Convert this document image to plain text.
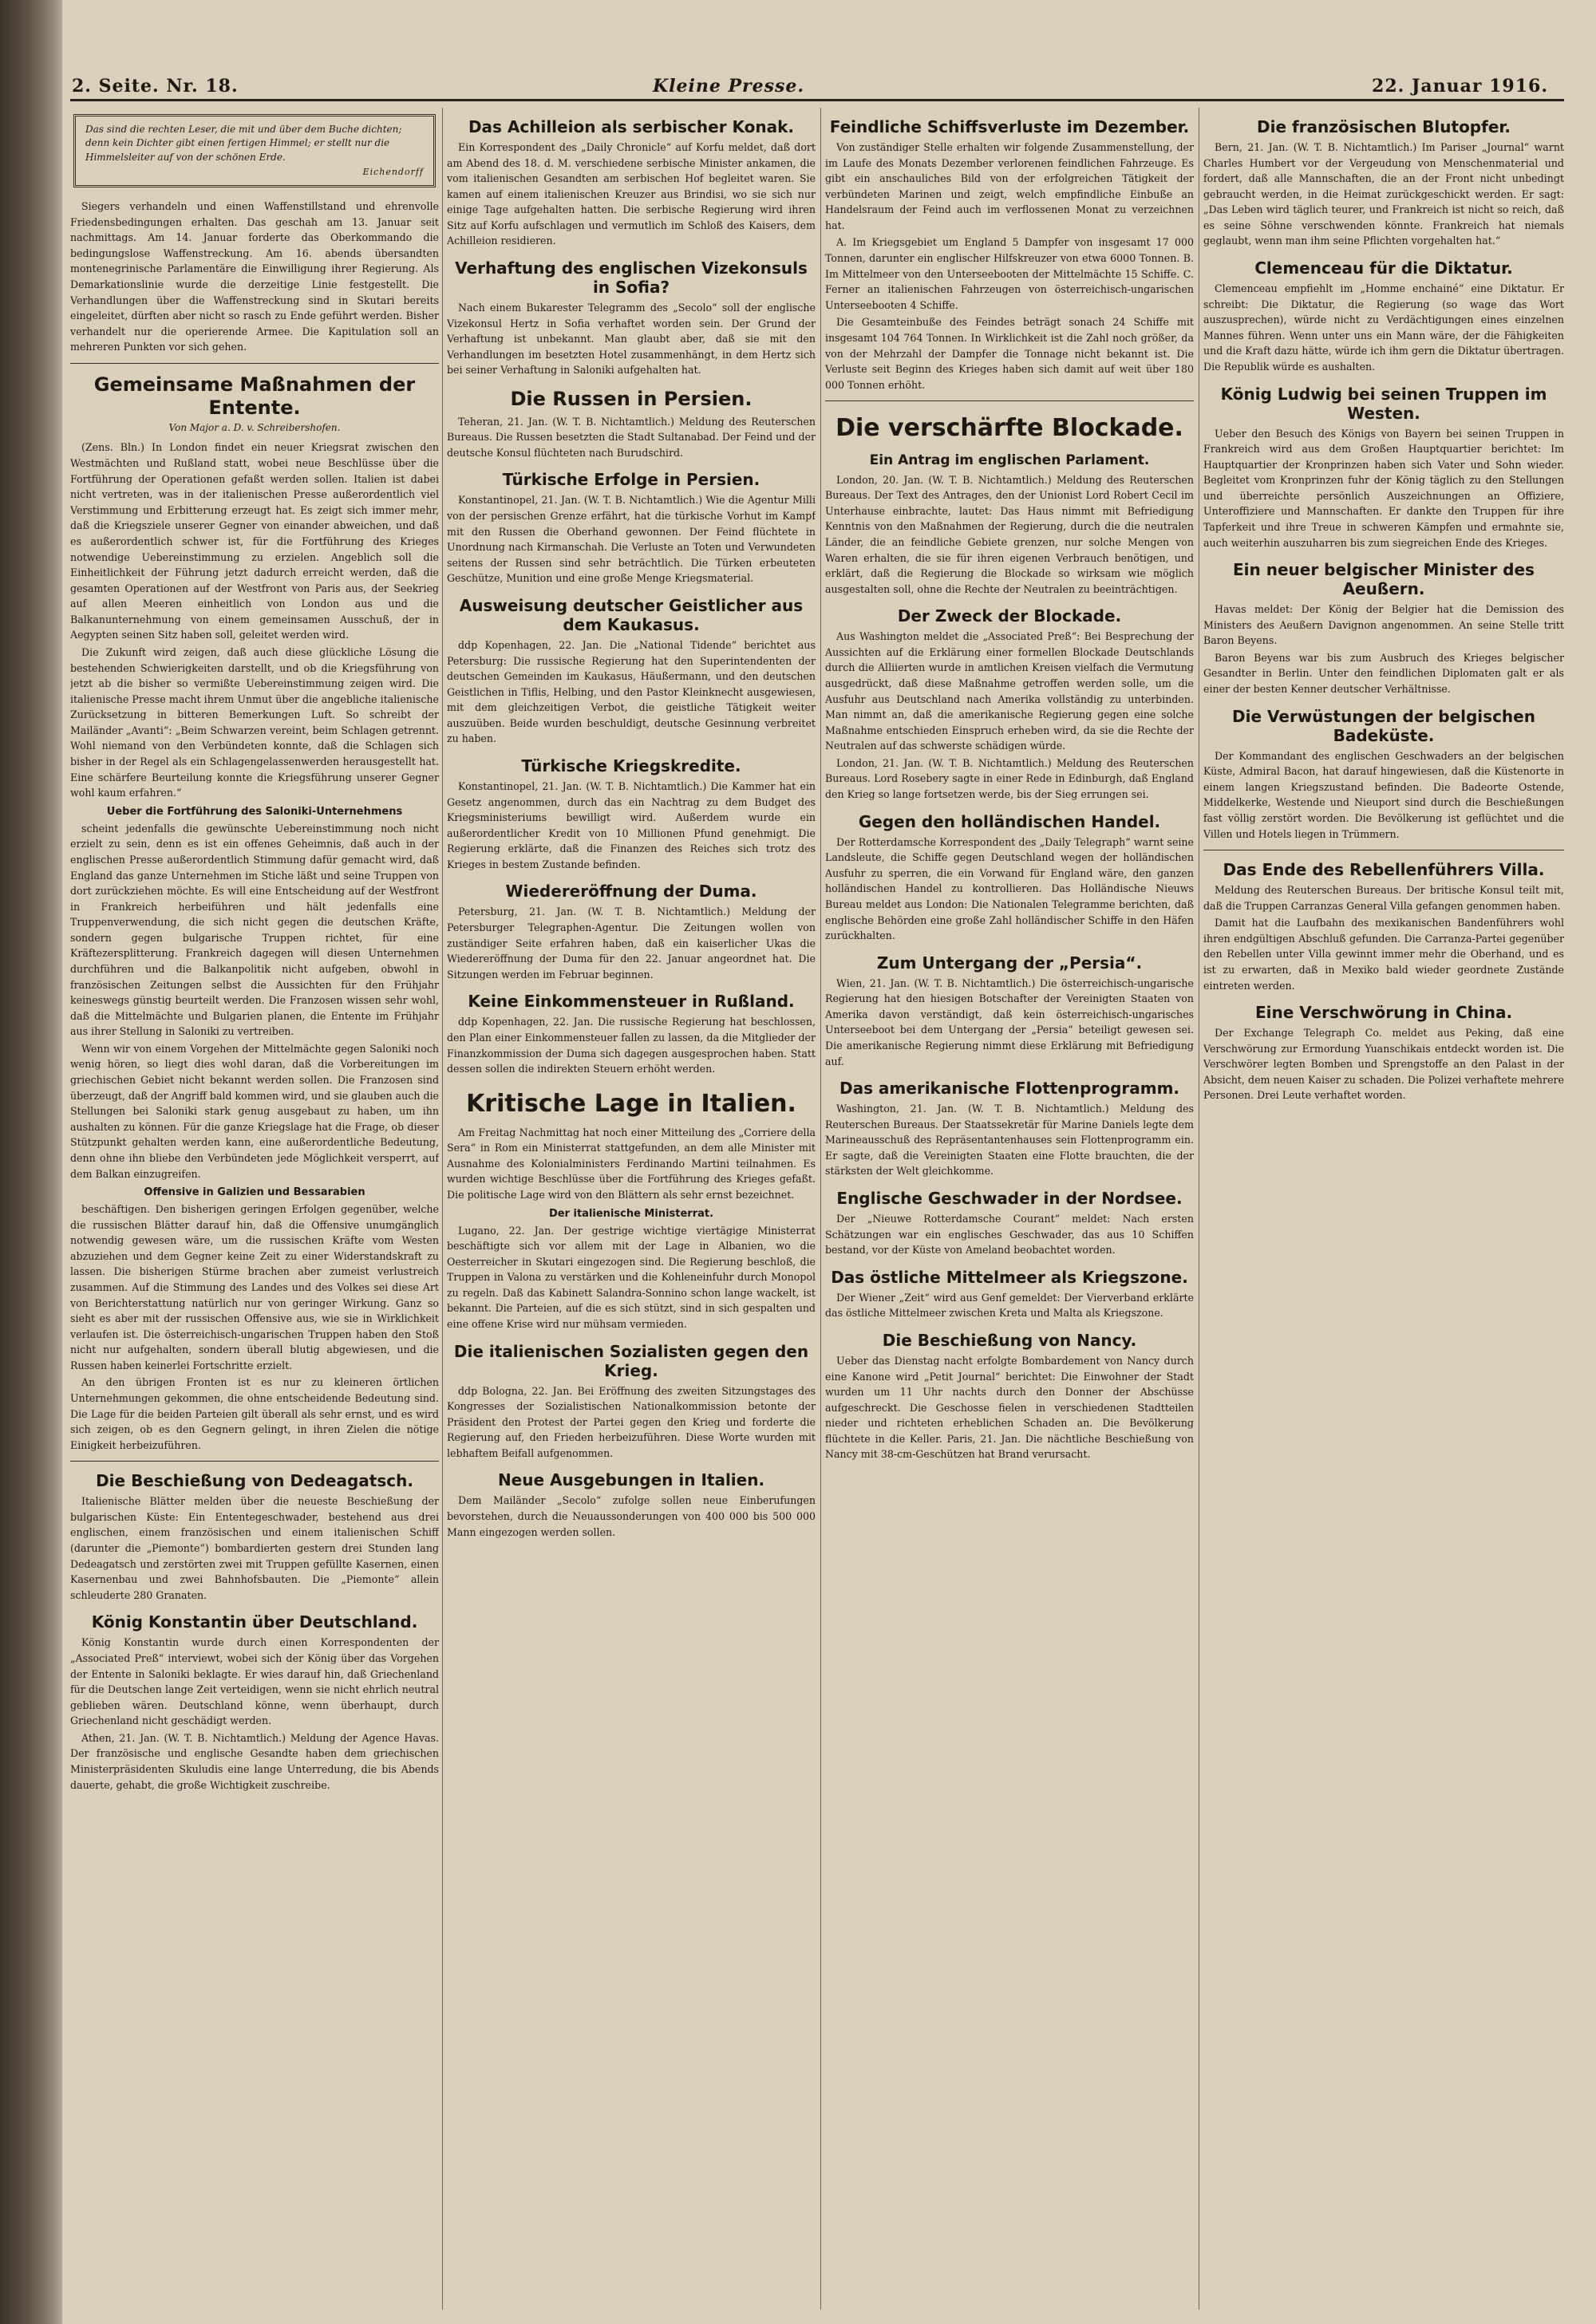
2. Seite. Nr. 18.	Kleine Presse.	22. Januar 1916.
Das sind die rechten Leser, die mit und über dem Buche dichten; denn kein Dichter gibt einen fertigen Himmel; er stellt nur die Himmelsleiter auf von der schönen Erde.
Eichendorff

Siegers verhandeln und einen Waffenstillstand und ehrenvolle Friedensbedingungen erhalten. Das geschah am 13. Januar seit nachmittags. Am 14. Januar forderte das Oberkommando die bedingungslose Waffenstreckung. Am 16. abends übersandten montenegrinische Parlamentäre die Einwilligung ihrer Regierung. Als Demarkationslinie wurde die derzeitige Linie festgestellt. Die Verhandlungen über die Waffenstreckung sind in Skutari bereits eingeleitet, dürften aber nicht so rasch zu Ende geführt werden. Bisher verhandelt nur die operierende Armee. Die Kapitulation soll an mehreren Punkten vor sich gehen.

Gemeinsame Maßnahmen der Entente.
Von Major a. D. v. Schreibershofen.

(Zens. Bln.) In London findet ein neuer Kriegsrat zwischen den Westmächten und Rußland statt, wobei neue Beschlüsse über die Fortführung der Operationen gefaßt werden sollen. Italien ist dabei nicht vertreten, was in der italienischen Presse außerordentlich viel Verstimmung und Erbitterung erzeugt hat. Es zeigt sich immer mehr, daß die Kriegsziele unserer Gegner von einander abweichen, und daß es außerordentlich schwer ist, für die Fortführung des Krieges notwendige Uebereinstimmung zu erzielen. Angeblich soll die Einheitlichkeit der Führung jetzt dadurch erreicht werden, daß die gesamten Operationen auf der Westfront von Paris aus, der Seekrieg auf allen Meeren einheitlich von London aus und die Balkanunternehmung von einem gemeinsamen Ausschuß, der in Aegypten seinen Sitz haben soll, geleitet werden wird.

Die Zukunft wird zeigen, daß auch diese glückliche Lösung die bestehenden Schwierigkeiten darstellt, und ob die Kriegsführung von jetzt ab die bisher so vermißte Uebereinstimmung zeigen wird. Die italienische Presse macht ihrem Unmut über die angebliche italienische Zurücksetzung in bitteren Bemerkungen Luft. So schreibt der Mailänder „Avanti“: „Beim Schwarzen vereint, beim Schlagen getrennt. Wohl niemand von den Verbündeten konnte, daß die Schlagen sich bisher in der Regel als ein Schlagengelassenwerden herausgestellt hat. Eine schärfere Beurteilung konnte die Kriegsführung unserer Gegner wohl kaum erfahren.“

Ueber die Fortführung des Saloniki-Unternehmens

scheint jedenfalls die gewünschte Uebereinstimmung noch nicht erzielt zu sein, denn es ist ein offenes Geheimnis, daß auch in der englischen Presse außerordentlich Stimmung dafür gemacht wird, daß England das ganze Unternehmen im Stiche läßt und seine Truppen von dort zurückziehen möchte. Es will eine Entscheidung auf der Westfront in Frankreich herbeiführen und hält jedenfalls eine Truppenverwendung, die sich nicht gegen die deutschen Kräfte, sondern gegen bulgarische Truppen richtet, für eine Kräftezersplitterung. Frankreich dagegen will diesen Unternehmen durchführen und die Balkanpolitik nicht aufgeben, obwohl in französischen Zeitungen selbst die Aussichten für den Frühjahr keineswegs günstig beurteilt werden. Die Franzosen wissen sehr wohl, daß die Mittelmächte und Bulgarien planen, die Entente im Frühjahr aus ihrer Stellung in Saloniki zu vertreiben.

Wenn wir von einem Vorgehen der Mittelmächte gegen Saloniki noch wenig hören, so liegt dies wohl daran, daß die Vorbereitungen im griechischen Gebiet nicht bekannt werden sollen. Die Franzosen sind überzeugt, daß der Angriff bald kommen wird, und sie glauben auch die Stellungen bei Saloniki stark genug ausgebaut zu haben, um ihn aushalten zu können. Für die ganze Kriegslage hat die Frage, ob dieser Stützpunkt gehalten werden kann, eine außerordentliche Bedeutung, denn ohne ihn bliebe den Verbündeten jede Möglichkeit versperrt, auf dem Balkan einzugreifen.

Offensive in Galizien und Bessarabien

beschäftigen. Den bisherigen geringen Erfolgen gegenüber, welche die russischen Blätter darauf hin, daß die Offensive unumgänglich notwendig gewesen wäre, um die russischen Kräfte vom Westen abzuziehen und dem Gegner keine Zeit zu einer Widerstandskraft zu lassen. Die bisherigen Stürme brachen aber zumeist verlustreich zusammen. Auf die Stimmung des Landes und des Volkes sei diese Art von Berichterstattung natürlich nur von geringer Wirkung. Ganz so sieht es aber mit der russischen Offensive aus, wie sie in Wirklichkeit verlaufen ist. Die österreichisch-ungarischen Truppen haben den Stoß nicht nur aufgehalten, sondern überall blutig abgewiesen, und die Russen haben keinerlei Fortschritte erzielt.

An den übrigen Fronten ist es nur zu kleineren örtlichen Unternehmungen gekommen, die ohne entscheidende Bedeutung sind. Die Lage für die beiden Parteien gilt überall als sehr ernst, und es wird sich zeigen, ob es den Gegnern gelingt, in ihren Zielen die nötige Einigkeit herbeizuführen.

Die Beschießung von Dedeagatsch.

Italienische Blätter melden über die neueste Beschießung der bulgarischen Küste: Ein Ententegeschwader, bestehend aus drei englischen, einem französischen und einem italienischen Schiff (darunter die „Piemonte“) bombardierten gestern drei Stunden lang Dedeagatsch und zerstörten zwei mit Truppen gefüllte Kasernen, einen Kasernenbau und zwei Bahnhofsbauten. Die „Piemonte“ allein schleuderte 280 Granaten.

König Konstantin über Deutschland.

König Konstantin wurde durch einen Korrespondenten der „Associated Preß“ interviewt, wobei sich der König über das Vorgehen der Entente in Saloniki beklagte. Er wies darauf hin, daß Griechenland für die Deutschen lange Zeit verteidigen, wenn sie nicht ehrlich neutral geblieben wären. Deutschland könne, wenn überhaupt, durch Griechenland nicht geschädigt werden.

Athen, 21. Jan. (W. T. B. Nichtamtlich.) Meldung der Agence Havas. Der französische und englische Gesandte haben dem griechischen Ministerpräsidenten Skuludis eine lange Unterredung, die bis Abends dauerte, gehabt, die große Wichtigkeit zuschreibe.

Das Achilleion als serbischer Konak.

Ein Korrespondent des „Daily Chronicle“ auf Korfu meldet, daß dort am Abend des 18. d. M. verschiedene serbische Minister ankamen, die vom italienischen Gesandten am serbischen Hof begleitet waren. Sie kamen auf einem italienischen Kreuzer aus Brindisi, wo sie sich nur einige Tage aufgehalten hatten. Die serbische Regierung wird ihren Sitz auf Korfu aufschlagen und vermutlich im Schloß des Kaisers, dem Achilleion residieren.

Verhaftung des englischen Vizekonsuls in Sofia?

Nach einem Bukarester Telegramm des „Secolo“ soll der englische Vizekonsul Hertz in Sofia verhaftet worden sein. Der Grund der Verhaftung ist unbekannt. Man glaubt aber, daß sie mit den Verhandlungen im besetzten Hotel zusammenhängt, in dem Hertz sich bei seiner Verhaftung in Saloniki aufgehalten hat.

Die Russen in Persien.

Teheran, 21. Jan. (W. T. B. Nichtamtlich.) Meldung des Reuterschen Bureaus. Die Russen besetzten die Stadt Sultanabad. Der Feind und der deutsche Konsul flüchteten nach Burudschird.

Türkische Erfolge in Persien.

Konstantinopel, 21. Jan. (W. T. B. Nichtamtlich.) Wie die Agentur Milli von der persischen Grenze erfährt, hat die türkische Vorhut im Kampf mit den Russen die Oberhand gewonnen. Der Feind flüchtete in Unordnung nach Kirmanschah. Die Verluste an Toten und Verwundeten seitens der Russen sind sehr beträchtlich. Die Türken erbeuteten Geschütze, Munition und eine große Menge Kriegsmaterial.

Ausweisung deutscher Geistlicher aus dem Kaukasus.

ddp Kopenhagen, 22. Jan. Die „National Tidende“ berichtet aus Petersburg: Die russische Regierung hat den Superintendenten der deutschen Gemeinden im Kaukasus, Häußermann, und den deutschen Geistlichen in Tiflis, Helbing, und den Pastor Kleinknecht ausgewiesen, mit dem gleichzeitigen Verbot, die geistliche Tätigkeit weiter auszuüben. Beide wurden beschuldigt, deutsche Gesinnung verbreitet zu haben.

Türkische Kriegskredite.

Konstantinopel, 21. Jan. (W. T. B. Nichtamtlich.) Die Kammer hat ein Gesetz angenommen, durch das ein Nachtrag zu dem Budget des Kriegsministeriums bewilligt wird. Außerdem wurde ein außerordentlicher Kredit von 10 Millionen Pfund genehmigt. Die Regierung erklärte, daß die Finanzen des Reiches sich trotz des Krieges in bestem Zustande befinden.

Wiedereröffnung der Duma.

Petersburg, 21. Jan. (W. T. B. Nichtamtlich.) Meldung der Petersburger Telegraphen-Agentur. Die Zeitungen wollen von zuständiger Seite erfahren haben, daß ein kaiserlicher Ukas die Wiedereröffnung der Duma für den 22. Januar angeordnet hat. Die Sitzungen werden im Februar beginnen.

Keine Einkommensteuer in Rußland.

ddp Kopenhagen, 22. Jan. Die russische Regierung hat beschlossen, den Plan einer Einkommensteuer fallen zu lassen, da die Mitglieder der Finanzkommission der Duma sich dagegen ausgesprochen haben. Statt dessen sollen die indirekten Steuern erhöht werden.

Kritische Lage in Italien.

Am Freitag Nachmittag hat noch einer Mitteilung des „Corriere della Sera“ in Rom ein Ministerrat stattgefunden, an dem alle Minister mit Ausnahme des Kolonialministers Ferdinando Martini teilnahmen. Es wurden wichtige Beschlüsse über die Fortführung des Krieges gefaßt. Die politische Lage wird von den Blättern als sehr ernst bezeichnet.

Der italienische Ministerrat.

Lugano, 22. Jan. Der gestrige wichtige viertägige Ministerrat beschäftigte sich vor allem mit der Lage in Albanien, wo die Oesterreicher in Skutari eingezogen sind. Die Regierung beschloß, die Truppen in Valona zu verstärken und die Kohleneinfuhr durch Monopol zu regeln. Daß das Kabinett Salandra-Sonnino schon lange wackelt, ist bekannt. Die Parteien, auf die es sich stützt, sind in sich gespalten und eine offene Krise wird nur mühsam vermieden.

Die italienischen Sozialisten gegen den Krieg.

ddp Bologna, 22. Jan. Bei Eröffnung des zweiten Sitzungstages des Kongresses der Sozialistischen Nationalkommission betonte der Präsident den Protest der Partei gegen den Krieg und forderte die Regierung auf, den Frieden herbeizuführen. Diese Worte wurden mit lebhaftem Beifall aufgenommen.

Neue Ausgebungen in Italien.

Dem Mailänder „Secolo“ zufolge sollen neue Einberufungen bevorstehen, durch die Neuaussonderungen von 400 000 bis 500 000 Mann eingezogen werden sollen.

Feindliche Schiffsverluste im Dezember.

Von zuständiger Stelle erhalten wir folgende Zusammenstellung, der im Laufe des Monats Dezember verlorenen feindlichen Fahrzeuge. Es gibt ein anschauliches Bild von der erfolgreichen Tätigkeit der verbündeten Marinen und zeigt, welch empfindliche Einbuße an Handelsraum der Feind auch im verflossenen Monat zu verzeichnen hat.

A. Im Kriegsgebiet um England 5 Dampfer von insgesamt 17 000 Tonnen, darunter ein englischer Hilfskreuzer von etwa 6000 Tonnen. B. Im Mittelmeer von den Unterseebooten der Mittelmächte 15 Schiffe. C. Ferner an italienischen Fahrzeugen von österreichisch-ungarischen Unterseebooten 4 Schiffe.

Die Gesamteinbuße des Feindes beträgt sonach 24 Schiffe mit insgesamt 104 764 Tonnen. In Wirklichkeit ist die Zahl noch größer, da von der Mehrzahl der Dampfer die Tonnage nicht bekannt ist. Die Verluste seit Beginn des Krieges haben sich damit auf weit über 180 000 Tonnen erhöht.

Die verschärfte Blockade.
Ein Antrag im englischen Parlament.

London, 20. Jan. (W. T. B. Nichtamtlich.) Meldung des Reuterschen Bureaus. Der Text des Antrages, den der Unionist Lord Robert Cecil im Unterhause einbrachte, lautet: Das Haus nimmt mit Befriedigung Kenntnis von den Maßnahmen der Regierung, durch die die neutralen Länder, die an feindliche Gebiete grenzen, nur solche Mengen von Waren erhalten, die sie für ihren eigenen Verbrauch benötigen, und erklärt, daß die Regierung die Blockade so wirksam wie möglich ausgestalten soll, ohne die Rechte der Neutralen zu beeinträchtigen.

Der Zweck der Blockade.

Aus Washington meldet die „Associated Preß“: Bei Besprechung der Aussichten auf die Erklärung einer formellen Blockade Deutschlands durch die Alliierten wurde in amtlichen Kreisen vielfach die Vermutung ausgedrückt, daß diese Maßnahme getroffen werden solle, um die Ausfuhr aus Deutschland nach Amerika vollständig zu unterbinden. Man nimmt an, daß die amerikanische Regierung gegen eine solche Maßnahme entschieden Einspruch erheben wird, da sie die Rechte der Neutralen auf das schwerste schädigen würde.

London, 21. Jan. (W. T. B. Nichtamtlich.) Meldung des Reuterschen Bureaus. Lord Rosebery sagte in einer Rede in Edinburgh, daß England den Krieg so lange fortsetzen werde, bis der Sieg errungen sei.

Gegen den holländischen Handel.

Der Rotterdamsche Korrespondent des „Daily Telegraph“ warnt seine Landsleute, die Schiffe gegen Deutschland wegen der holländischen Ausfuhr zu sperren, die ein Vorwand für England wäre, den ganzen holländischen Handel zu kontrollieren. Das Holländische Nieuws Bureau meldet aus London: Die Nationalen Telegramme berichten, daß englische Behörden eine große Zahl holländischer Schiffe in den Häfen zurückhalten.

Zum Untergang der „Persia“.

Wien, 21. Jan. (W. T. B. Nichtamtlich.) Die österreichisch-ungarische Regierung hat den hiesigen Botschafter der Vereinigten Staaten von Amerika davon verständigt, daß kein österreichisch-ungarisches Unterseeboot bei dem Untergang der „Persia“ beteiligt gewesen sei. Die amerikanische Regierung nimmt diese Erklärung mit Befriedigung auf.

Das amerikanische Flottenprogramm.

Washington, 21. Jan. (W. T. B. Nichtamtlich.) Meldung des Reuterschen Bureaus. Der Staatssekretär für Marine Daniels legte dem Marineausschuß des Repräsentantenhauses sein Flottenprogramm ein. Er sagte, daß die Vereinigten Staaten eine Flotte brauchten, die der stärksten der Welt gleichkomme.

Englische Geschwader in der Nordsee.

Der „Nieuwe Rotterdamsche Courant“ meldet: Nach ersten Schätzungen war ein englisches Geschwader, das aus 10 Schiffen bestand, vor der Küste von Ameland beobachtet worden.

Das östliche Mittelmeer als Kriegszone.

Der Wiener „Zeit“ wird aus Genf gemeldet: Der Vierverband erklärte das östliche Mittelmeer zwischen Kreta und Malta als Kriegszone.

Die Beschießung von Nancy.

Ueber das Dienstag nacht erfolgte Bombardement von Nancy durch eine Kanone wird „Petit Journal“ berichtet: Die Einwohner der Stadt wurden um 11 Uhr nachts durch den Donner der Abschüsse aufgeschreckt. Die Geschosse fielen in verschiedenen Stadtteilen nieder und richteten erheblichen Schaden an. Die Bevölkerung flüchtete in die Keller. Paris, 21. Jan. Die nächtliche Beschießung von Nancy mit 38-cm-Geschützen hat Brand verursacht.

Die französischen Blutopfer.

Bern, 21. Jan. (W. T. B. Nichtamtlich.) Im Pariser „Journal“ warnt Charles Humbert vor der Vergeudung von Menschenmaterial und fordert, daß alle Mannschaften, die an der Front nicht unbedingt gebraucht werden, in die Heimat zurückgeschickt werden. Er sagt: „Das Leben wird täglich teurer, und Frankreich ist nicht so reich, daß es seine Söhne verschwenden könnte. Frankreich hat niemals geglaubt, wenn man ihm seine Pflichten vorgehalten hat.“

Clemenceau für die Diktatur.

Clemenceau empfiehlt im „Homme enchainé“ eine Diktatur. Er schreibt: Die Diktatur, die Regierung (so wage das Wort auszusprechen), würde nicht zu Verdächtigungen eines einzelnen Mannes führen. Wenn unter uns ein Mann wäre, der die Fähigkeiten und die Kraft dazu hätte, würde ich ihm gern die Diktatur übertragen. Die Republik würde es aushalten.

König Ludwig bei seinen Truppen im Westen.

Ueber den Besuch des Königs von Bayern bei seinen Truppen in Frankreich wird aus dem Großen Hauptquartier berichtet: Im Hauptquartier der Kronprinzen haben sich Vater und Sohn wieder. Begleitet vom Kronprinzen fuhr der König täglich zu den Stellungen und überreichte persönlich Auszeichnungen an Offiziere, Unteroffiziere und Mannschaften. Er dankte den Truppen für ihre Tapferkeit und ihre Treue in schweren Kämpfen und ermahnte sie, auch weiterhin auszuharren bis zum siegreichen Ende des Krieges.

Ein neuer belgischer Minister des Aeußern.

Havas meldet: Der König der Belgier hat die Demission des Ministers des Aeußern Davignon angenommen. An seine Stelle tritt Baron Beyens.

Baron Beyens war bis zum Ausbruch des Krieges belgischer Gesandter in Berlin. Unter den feindlichen Diplomaten galt er als einer der besten Kenner deutscher Verhältnisse.

Die Verwüstungen der belgischen Badeküste.

Der Kommandant des englischen Geschwaders an der belgischen Küste, Admiral Bacon, hat darauf hingewiesen, daß die Küstenorte in einem langen Kriegszustand befinden. Die Badeorte Ostende, Middelkerke, Westende und Nieuport sind durch die Beschießungen fast völlig zerstört worden. Die Bevölkerung ist geflüchtet und die Villen und Hotels liegen in Trümmern.

Das Ende des Rebellenführers Villa.

Meldung des Reuterschen Bureaus. Der britische Konsul teilt mit, daß die Truppen Carranzas General Villa gefangen genommen haben.

Damit hat die Laufbahn des mexikanischen Bandenführers wohl ihren endgültigen Abschluß gefunden. Die Carranza-Partei gegenüber den Rebellen unter Villa gewinnt immer mehr die Oberhand, und es ist zu erwarten, daß in Mexiko bald wieder geordnete Zustände eintreten werden.

Eine Verschwörung in China.

Der Exchange Telegraph Co. meldet aus Peking, daß eine Verschwörung zur Ermordung Yuanschikais entdeckt worden ist. Die Verschwörer legten Bomben und Sprengstoffe an den Palast in der Absicht, dem neuen Kaiser zu schaden. Die Polizei verhaftete mehrere Personen. Drei Leute verhaftet worden.
